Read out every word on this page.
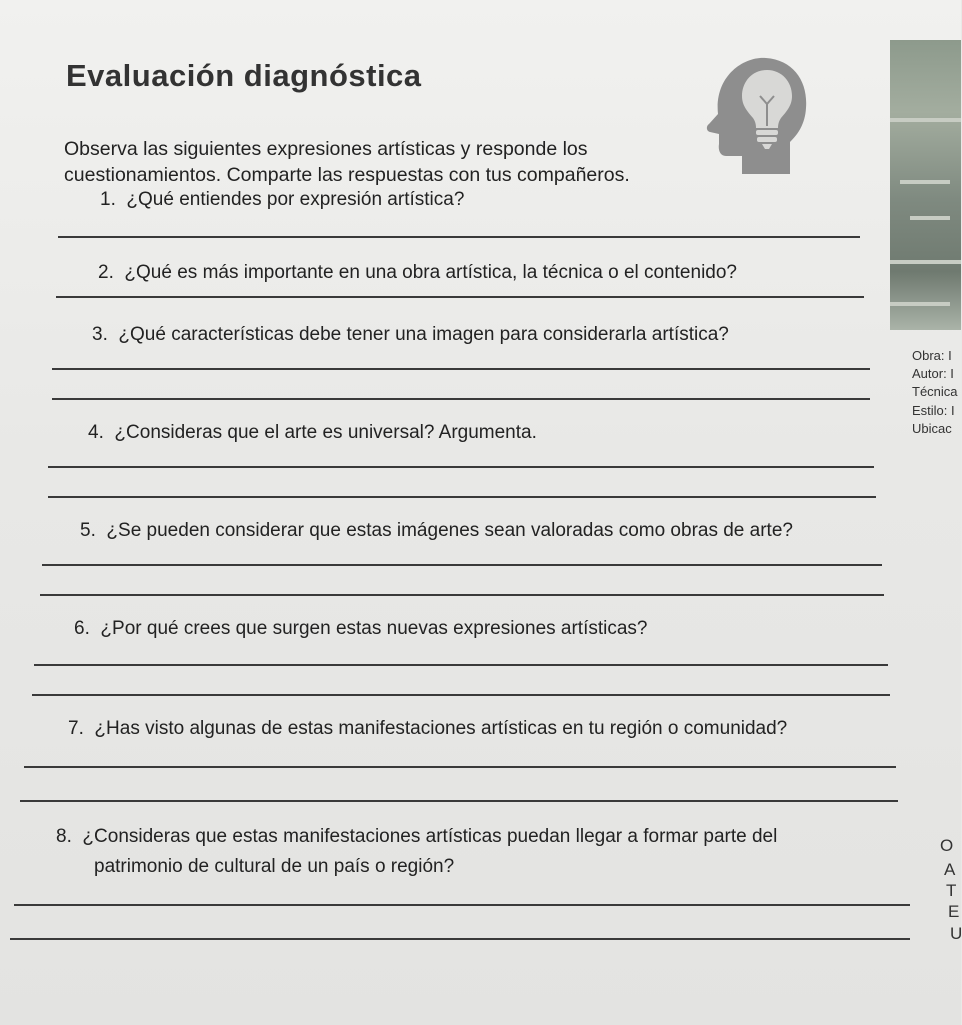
Evaluación diagnóstica
Observa las siguientes expresiones artísticas y responde los cuestionamientos. Comparte las respuestas con tus compañeros.
Obra: I
Autor: I
Técnica
Estilo: I
Ubicac
1. ¿Qué entiendes por expresión artística?
2. ¿Qué es más importante en una obra artística, la técnica o el contenido?
3. ¿Qué características debe tener una imagen para considerarla artística?
4. ¿Consideras que el arte es universal? Argumenta.
5. ¿Se pueden considerar que estas imágenes sean valoradas como obras de arte?
6. ¿Por qué crees que surgen estas nuevas expresiones artísticas?
7. ¿Has visto algunas de estas manifestaciones artísticas en tu región o comunidad?
8. ¿Consideras que estas manifestaciones artísticas puedan llegar a formar parte del
patrimonio de cultural de un país o región?
O
A
T
E
U
